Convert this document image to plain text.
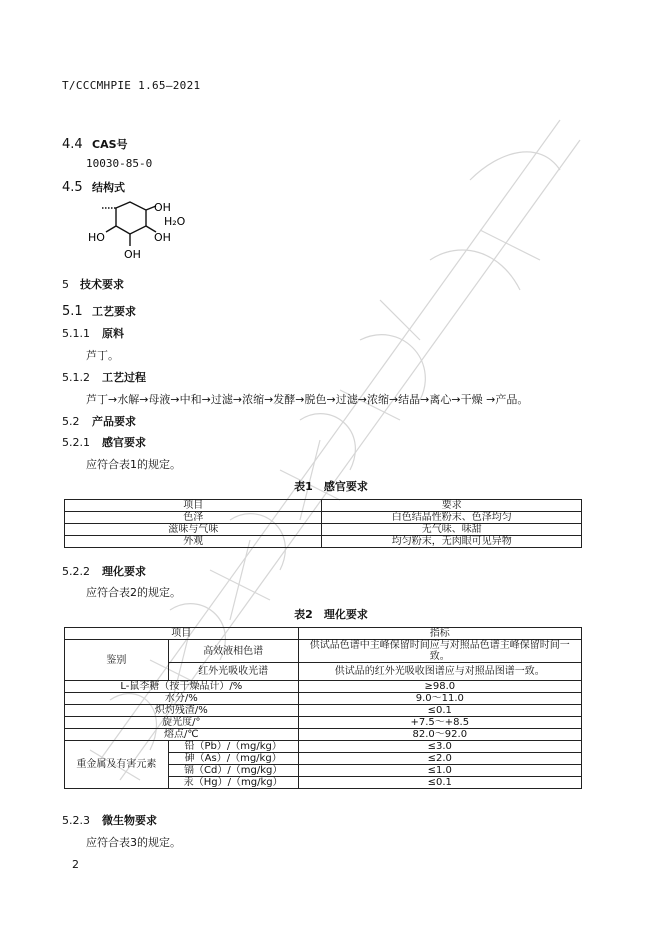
T/CCCMHPIE 1.65—2021
4.4 CAS号
10030-85-0
4.5 结构式
OH
OH
OH
HO
H₂O
5 技术要求
5.1 工艺要求
5.1.1 原料
芦丁。
5.1.2 工艺过程
芦丁→水解→母液→中和→过滤→浓缩→发酵→脱色→过滤→浓缩→结晶→离心→干燥 →产品。
5.2 产品要求
5.2.1 感官要求
应符合表1的规定。
表1　感官要求
项目	要求
色泽	白色结晶性粉末、色泽均匀
滋味与气味	无气味、味甜
外观	均匀粉末，无肉眼可见异物
5.2.2 理化要求
应符合表2的规定。
表2　理化要求
项目		指标
鉴别	高效液相色谱	供试品色谱中主峰保留时间应与对照品色谱主峰保留时间一致。
	红外光吸收光谱	供试品的红外光吸收图谱应与对照品图谱一致。
L-鼠李糖（按干燥品计）/%		≥98.0
水分/%		9.0～11.0
炽灼残渣/%		≤0.1
旋光度/°		+7.5～+8.5
熔点/℃		82.0～92.0
重金属及有害元素	铅（Pb）/（mg/kg）	≤3.0
	砷（As）/（mg/kg）	≤2.0
	镉（Cd）/（mg/kg）	≤1.0
	汞（Hg）/（mg/kg）	≤0.1
5.2.3 微生物要求
应符合表3的规定。
2
